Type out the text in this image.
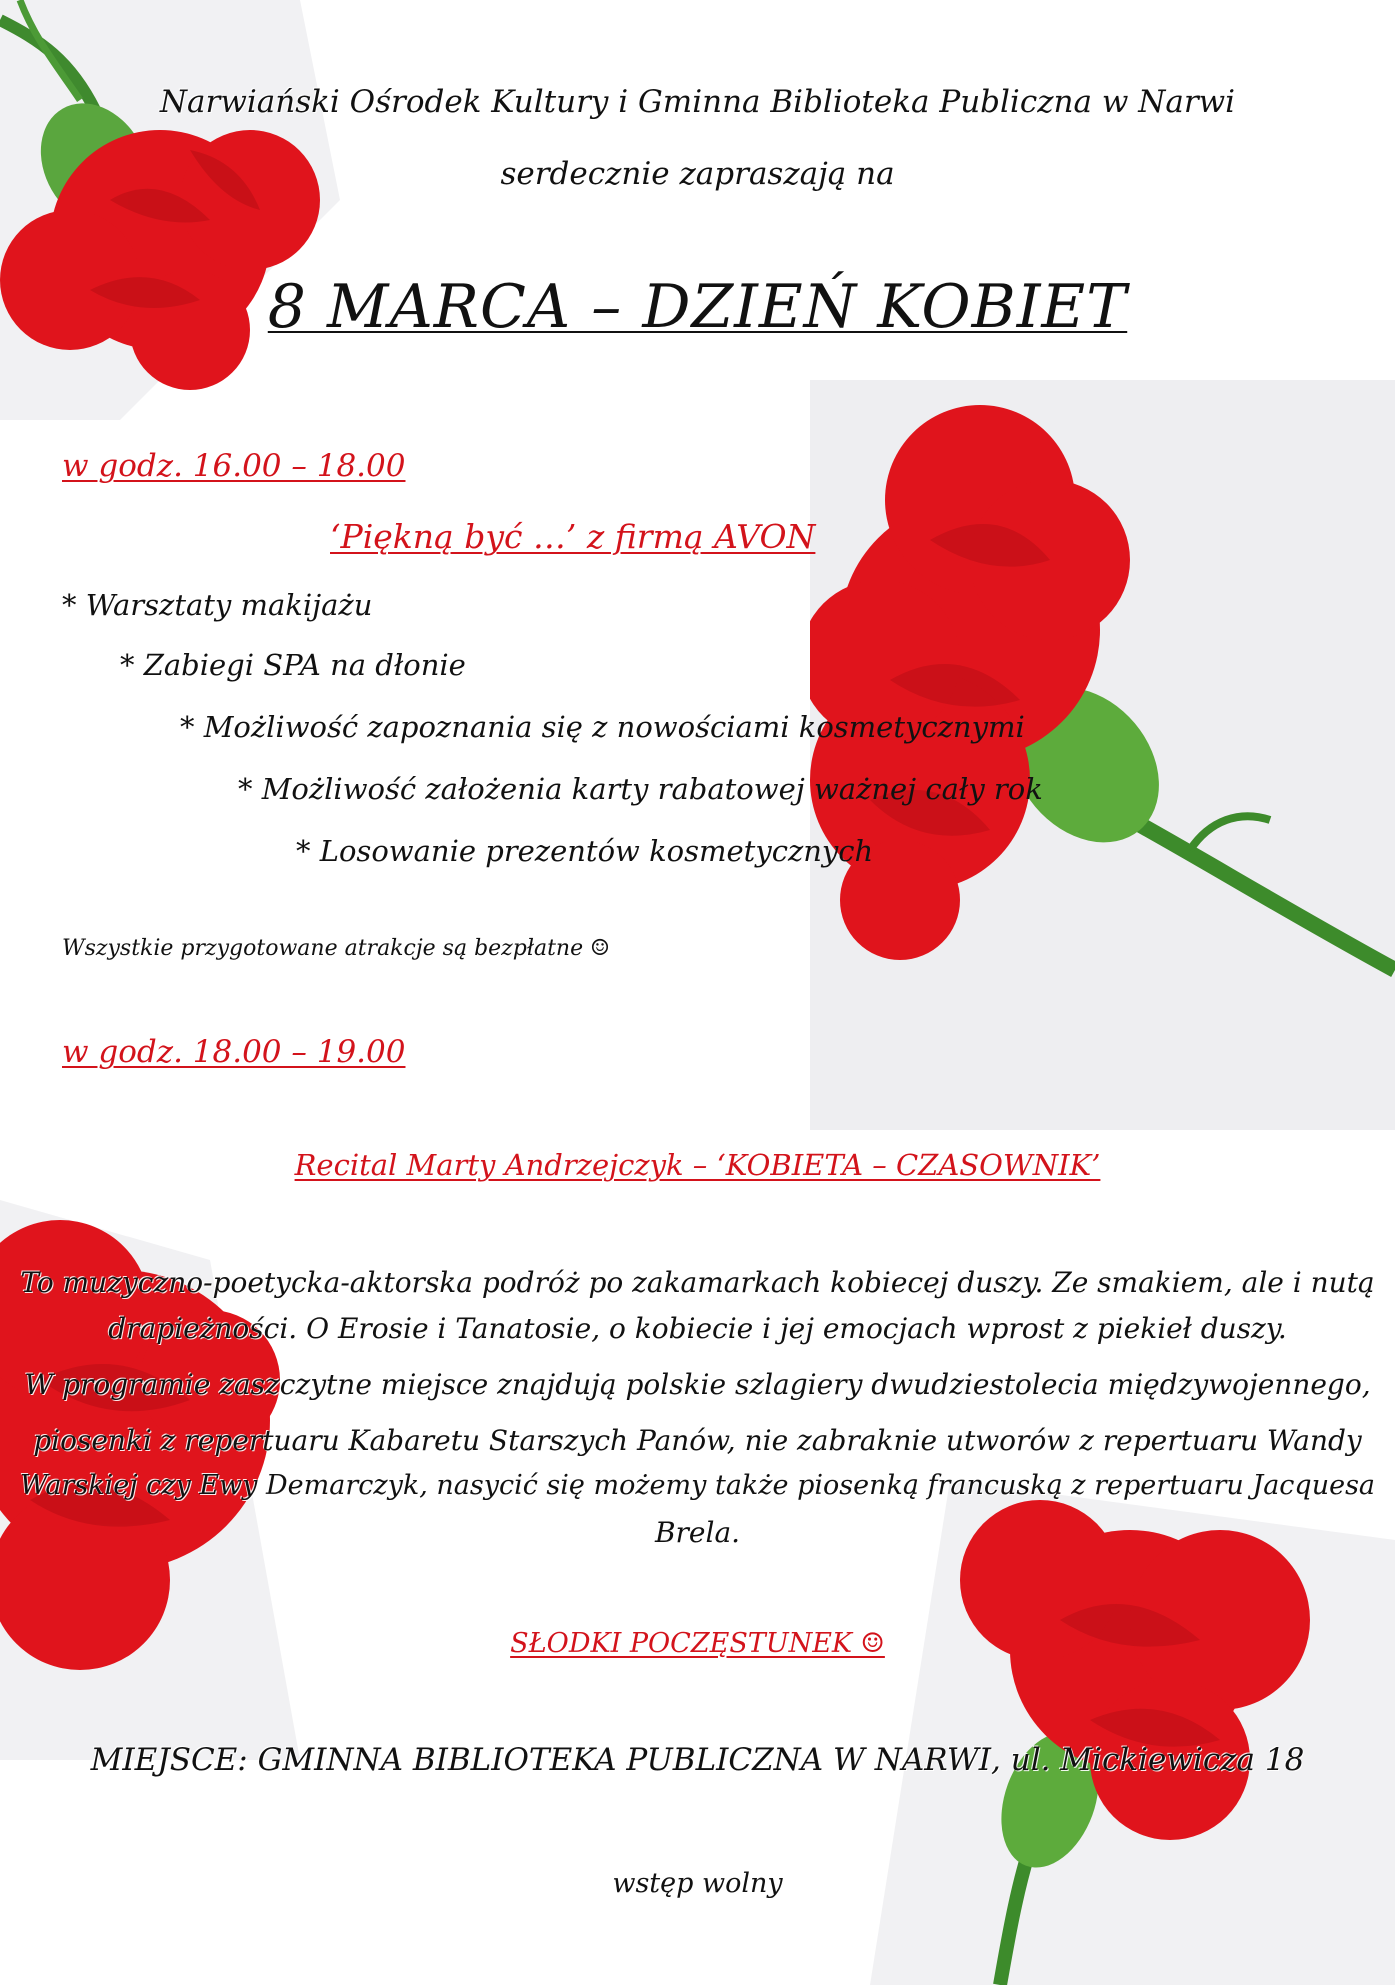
Narwiański Ośrodek Kultury i Gminna Biblioteka Publiczna w Narwi
serdecznie zapraszają na
8 MARCA – DZIEŃ KOBIET
w godz. 16.00 – 18.00
‘Piękną być …’ z firmą AVON
* Warsztaty makijażu
* Zabiegi SPA na dłonie
* Możliwość zapoznania się z nowościami kosmetycznymi
* Możliwość założenia karty rabatowej ważnej cały rok
* Losowanie prezentów kosmetycznych
Wszystkie przygotowane atrakcje są bezpłatne ☺
w godz. 18.00 – 19.00
Recital Marty Andrzejczyk – ‘KOBIETA – CZASOWNIK’
To muzyczno-poetycka-aktorska podróż po zakamarkach kobiecej duszy. Ze smakiem, ale i nutą
drapieżności. O Erosie i Tanatosie, o kobiecie i jej emocjach wprost z piekieł duszy.
W programie zaszczytne miejsce znajdują polskie szlagiery dwudziestolecia międzywojennego,
piosenki z repertuaru Kabaretu Starszych Panów, nie zabraknie utworów z repertuaru Wandy
Warskiej czy Ewy Demarczyk, nasycić się możemy także piosenką francuską z repertuaru Jacquesa
Brela.
SŁODKI POCZĘSTUNEK ☺
MIEJSCE: GMINNA BIBLIOTEKA PUBLICZNA W NARWI, ul. Mickiewicza 18
wstęp wolny
